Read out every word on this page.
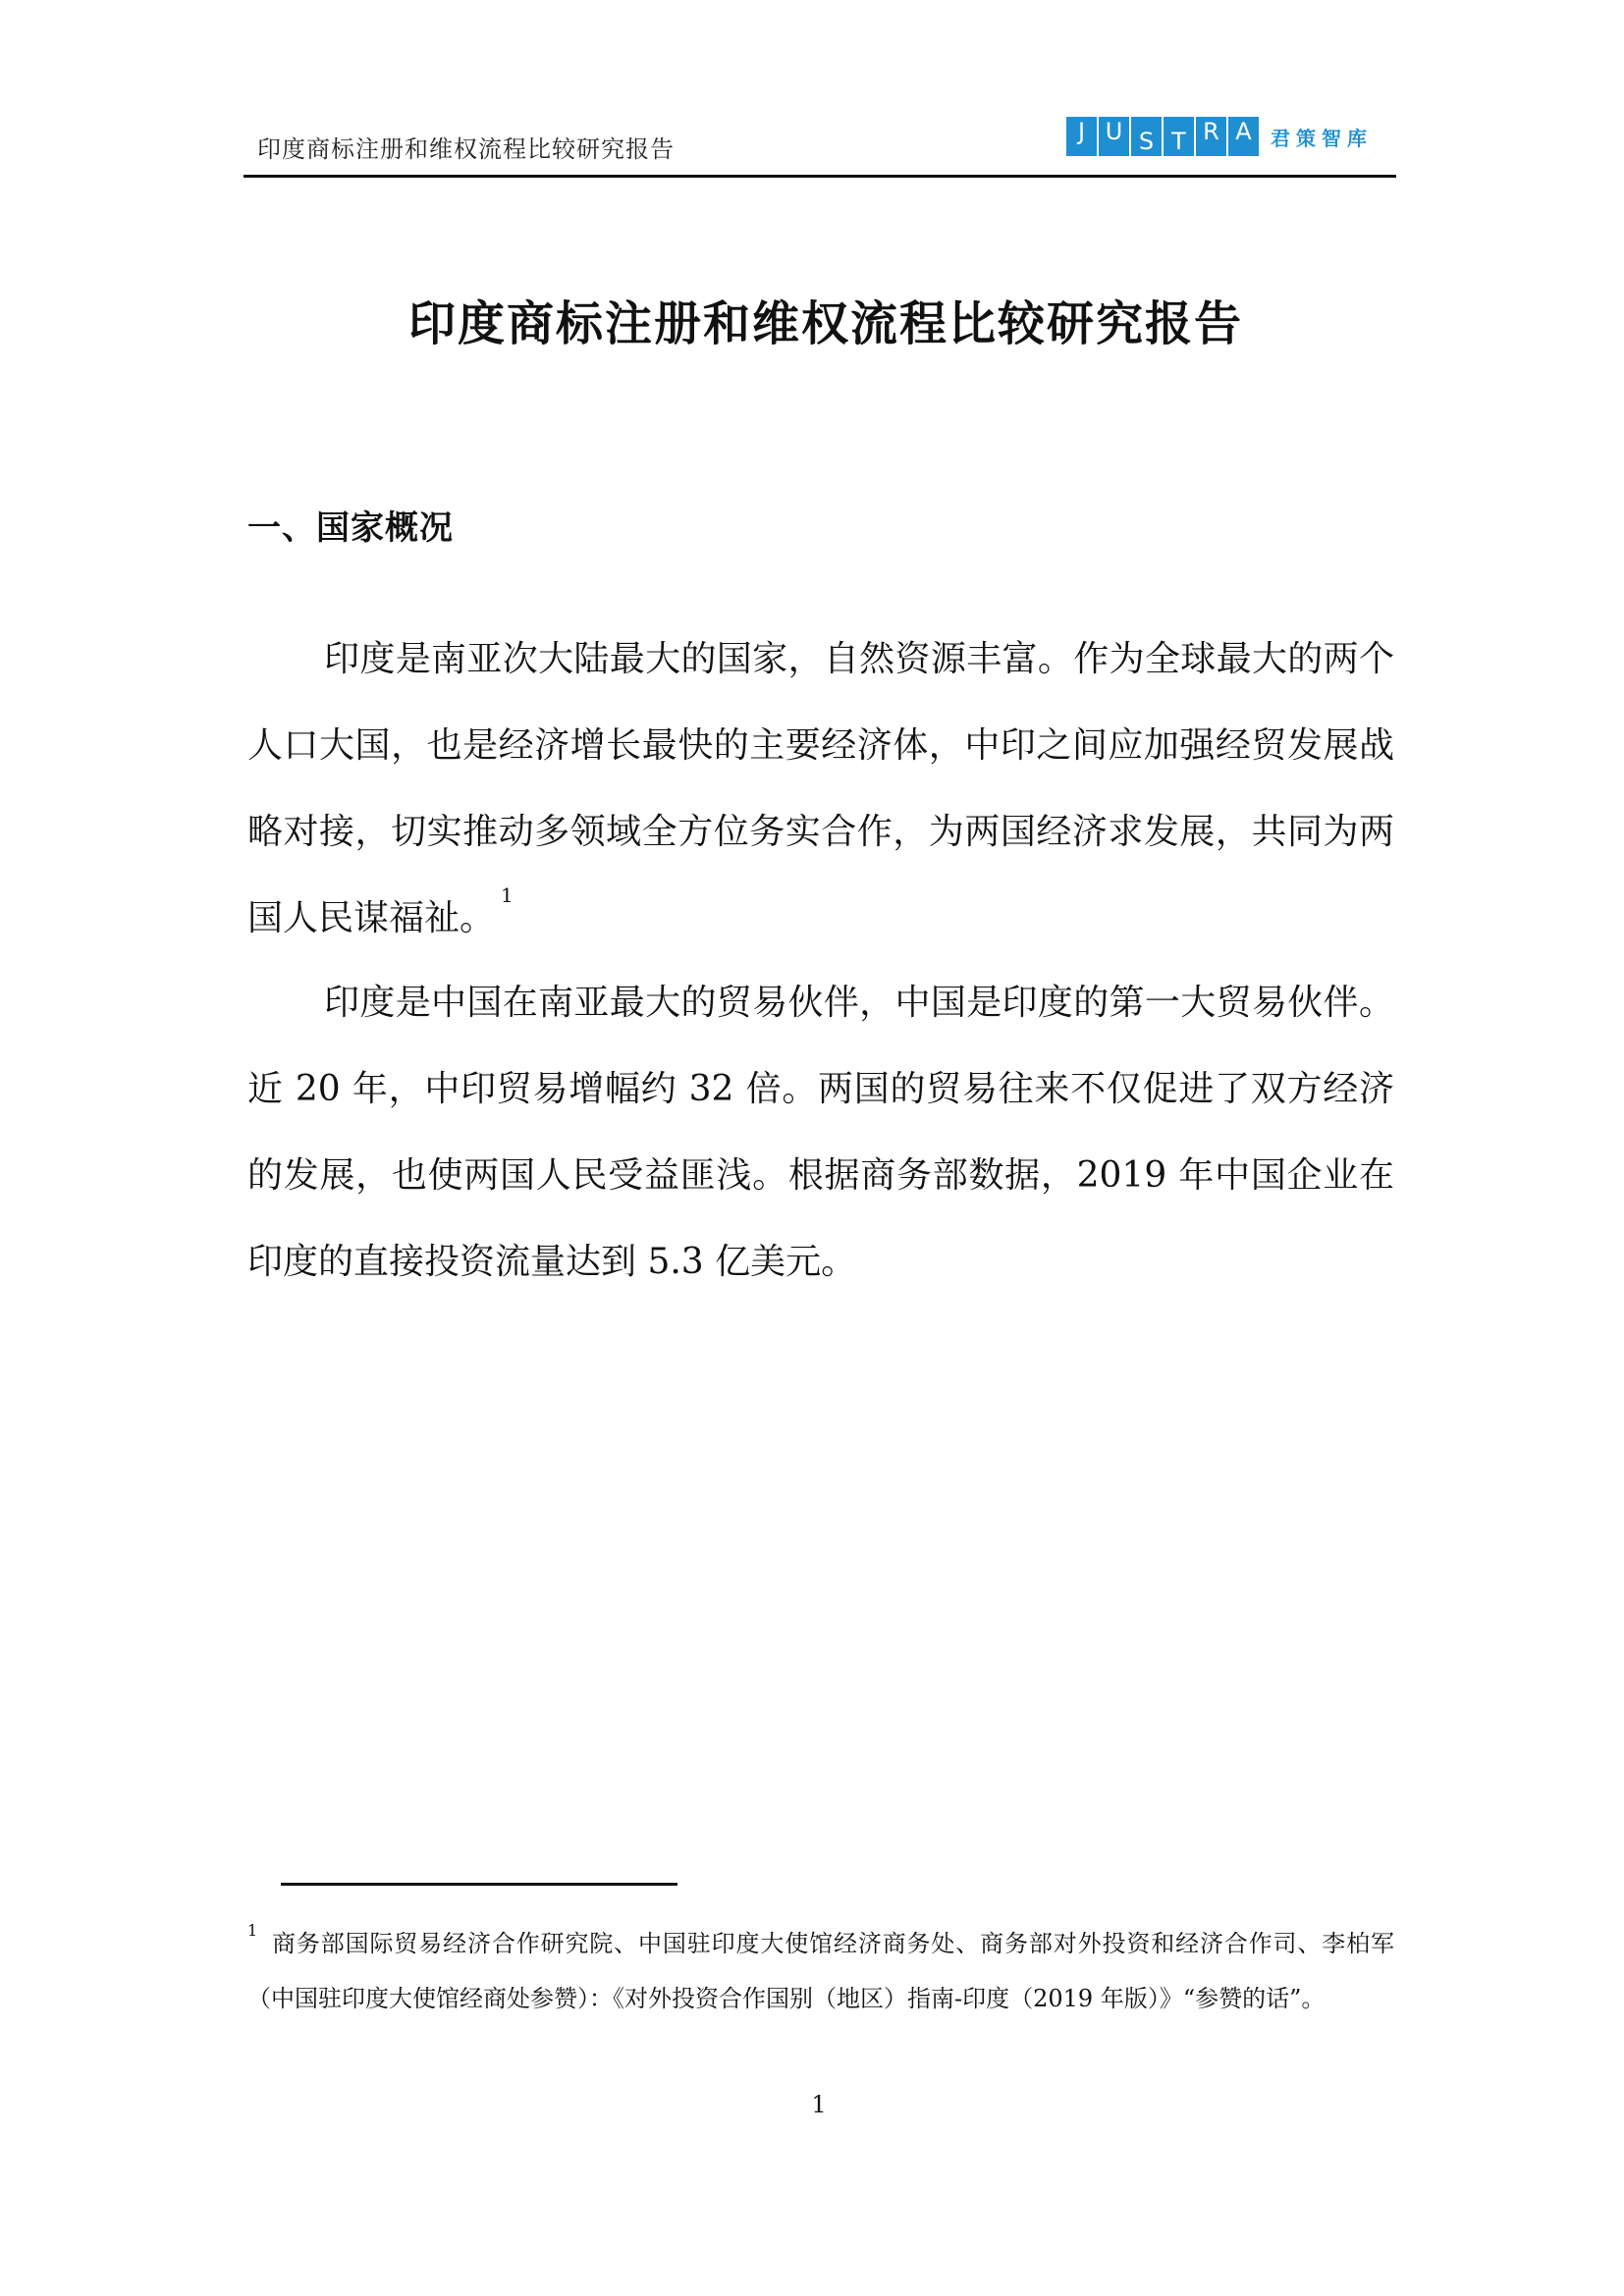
印度商标注册和维权流程比较研究报告
J U S T R A 君策智库
印度商标注册和维权流程比较研究报告
一、国家概况

印度是南亚次大陆最大的国家，自然资源丰富。作为全球最大的两个人口大国，也是经济增长最快的主要经济体，中印之间应加强经贸发展战略对接，切实推动多领域全方位务实合作，为两国经济求发展，共同为两国人民谋福祉。$^1$

印度是中国在南亚最大的贸易伙伴，中国是印度的第一大贸易伙伴。近 20 年，中印贸易增幅约 32 倍。两国的贸易往来不仅促进了双方经济的发展，也使两国人民受益匪浅。根据商务部数据，2019 年中国企业在印度的直接投资流量达到 5.3 亿美元。

$^1$ 商务部国际贸易经济合作研究院、中国驻印度大使馆经济商务处、商务部对外投资和经济合作司、李柏军（中国驻印度大使馆经商处参赞）：《对外投资合作国别（地区）指南-印度（2019 年版）》“参赞的话”。

1
